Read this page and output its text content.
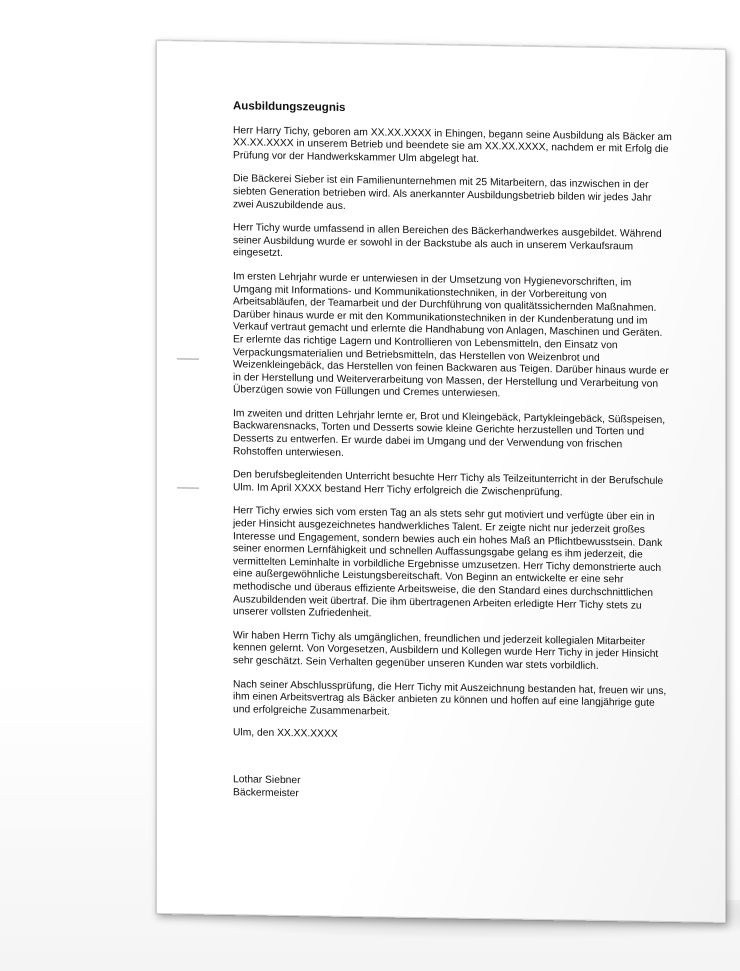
Ausbildungszeugnis

Herr Harry Tichy, geboren am XX.XX.XXXX in Ehingen, begann seine Ausbildung als Bäcker am XX.XX.XXXX in unserem Betrieb und beendete sie am XX.XX.XXXX, nachdem er mit Erfolg die Prüfung vor der Handwerkskammer Ulm abgelegt hat.

Die Bäckerei Sieber ist ein Familienunternehmen mit 25 Mitarbeitern, das inzwischen in der siebten Generation betrieben wird. Als anerkannter Ausbildungsbetrieb bilden wir jedes Jahr zwei Auszubildende aus.

Herr Tichy wurde umfassend in allen Bereichen des Bäckerhandwerkes ausgebildet. Während seiner Ausbildung wurde er sowohl in der Backstube als auch in unserem Verkaufsraum eingesetzt.

Im ersten Lehrjahr wurde er unterwiesen in der Umsetzung von Hygienevorschriften, im Umgang mit Informations- und Kommunikationstechniken, in der Vorbereitung von Arbeitsabläufen, der Teamarbeit und der Durchführung von qualitätssichernden Maßnahmen. Darüber hinaus wurde er mit den Kommunikationstechniken in der Kundenberatung und im Verkauf vertraut gemacht und erlernte die Handhabung von Anlagen, Maschinen und Geräten. Er erlernte das richtige Lagern und Kontrollieren von Lebensmitteln, den Einsatz von Verpackungsmaterialien und Betriebsmitteln, das Herstellen von Weizenbrot und Weizenkleingebäck, das Herstellen von feinen Backwaren aus Teigen. Darüber hinaus wurde er in der Herstellung und Weiterverarbeitung von Massen, der Herstellung und Verarbeitung von Überzügen sowie von Füllungen und Cremes unterwiesen.

Im zweiten und dritten Lehrjahr lernte er, Brot und Kleingebäck, Partykleingebäck, Süßspeisen, Backwarensnacks, Torten und Desserts sowie kleine Gerichte herzustellen und Torten und Desserts zu entwerfen. Er wurde dabei im Umgang und der Verwendung von frischen Rohstoffen unterwiesen.

Den berufsbegleitenden Unterricht besuchte Herr Tichy als Teilzeitunterricht in der Berufschule Ulm. Im April XXXX bestand Herr Tichy erfolgreich die Zwischenprüfung.

Herr Tichy erwies sich vom ersten Tag an als stets sehr gut motiviert und verfügte über ein in jeder Hinsicht ausgezeichnetes handwerkliches Talent. Er zeigte nicht nur jederzeit großes Interesse und Engagement, sondern bewies auch ein hohes Maß an Pflichtbewusstsein. Dank seiner enormen Lernfähigkeit und schnellen Auffassungsgabe gelang es ihm jederzeit, die vermittelten Leminhalte in vorbildliche Ergebnisse umzusetzen. Herr Tichy demonstrierte auch eine außergewöhnliche Leistungsbereitschaft. Von Beginn an entwickelte er eine sehr methodische und überaus effiziente Arbeitsweise, die den Standard eines durchschnittlichen Auszubildenden weit übertraf. Die ihm übertragenen Arbeiten erledigte Herr Tichy stets zu unserer vollsten Zufriedenheit.

Wir haben Herrn Tichy als umgänglichen, freundlichen und jederzeit kollegialen Mitarbeiter kennen gelernt. Von Vorgesetzen, Ausbildern und Kollegen wurde Herr Tichy in jeder Hinsicht sehr geschätzt. Sein Verhalten gegenüber unseren Kunden war stets vorbildlich.

Nach seiner Abschlussprüfung, die Herr Tichy mit Auszeichnung bestanden hat, freuen wir uns, ihm einen Arbeitsvertrag als Bäcker anbieten zu können und hoffen auf eine langjährige gute und erfolgreiche Zusammenarbeit.

Ulm, den XX.XX.XXXX

Lothar Siebner
Bäckermeister
